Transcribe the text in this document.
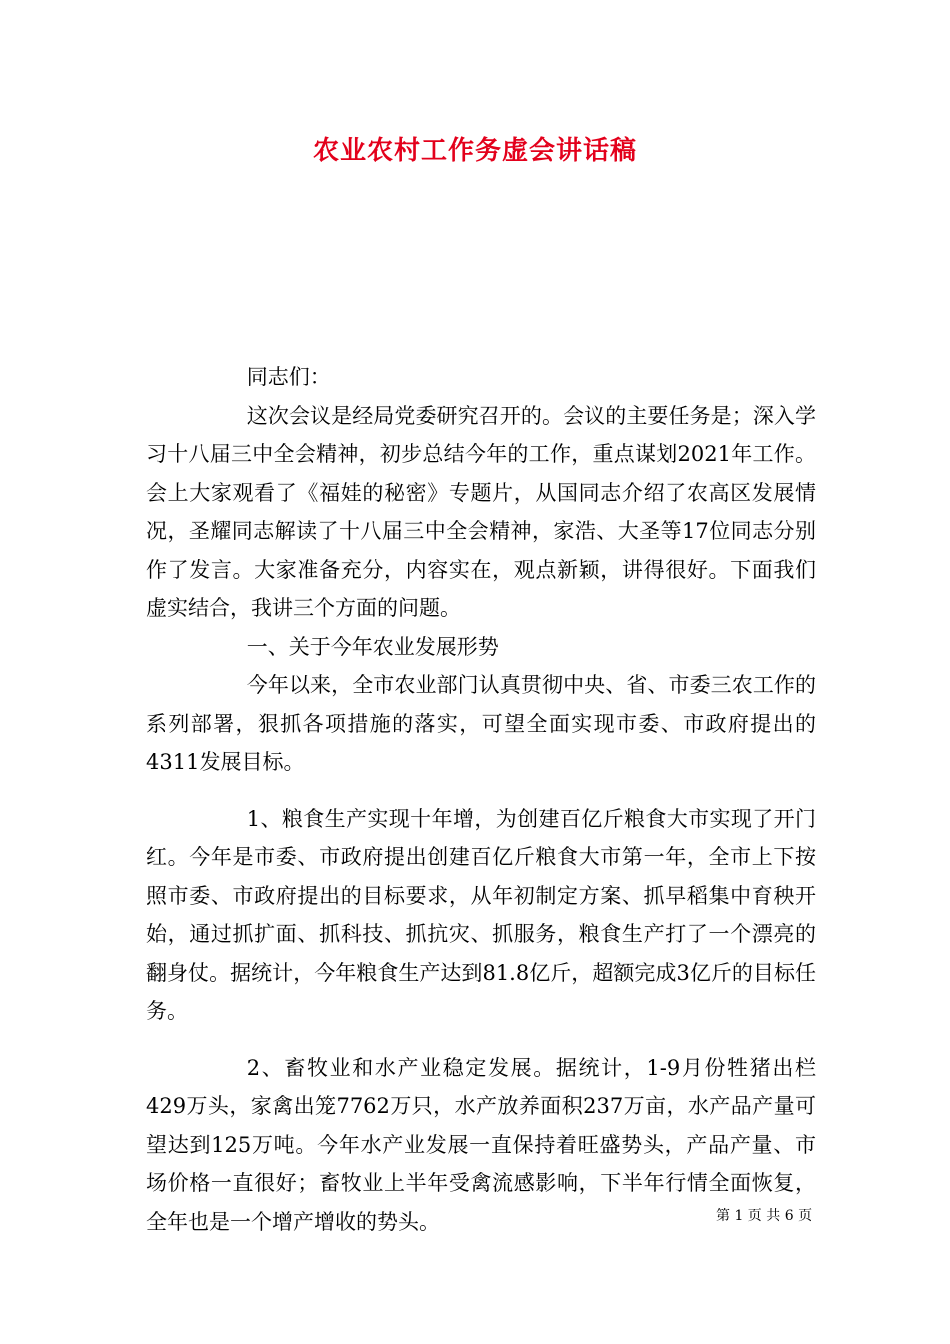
农业农村工作务虚会讲话稿

同志们：

这次会议是经局党委研究召开的。会议的主要任务是；深入学习十八届三中全会精神，初步总结今年的工作，重点谋划2021年工作。会上大家观看了《福娃的秘密》专题片，从国同志介绍了农高区发展情况，圣耀同志解读了十八届三中全会精神，家浩、大圣等17位同志分别作了发言。大家准备充分，内容实在，观点新颖，讲得很好。下面我们虚实结合，我讲三个方面的问题。

一、关于今年农业发展形势

今年以来，全市农业部门认真贯彻中央、省、市委三农工作的系列部署，狠抓各项措施的落实，可望全面实现市委、市政府提出的4311发展目标。

1、粮食生产实现十年增，为创建百亿斤粮食大市实现了开门红。今年是市委、市政府提出创建百亿斤粮食大市第一年，全市上下按照市委、市政府提出的目标要求，从年初制定方案、抓早稻集中育秧开始，通过抓扩面、抓科技、抓抗灾、抓服务，粮食生产打了一个漂亮的翻身仗。据统计，今年粮食生产达到81.8亿斤，超额完成3亿斤的目标任务。

2、畜牧业和水产业稳定发展。据统计，1-9月份牲猪出栏429万头，家禽出笼7762万只，水产放养面积237万亩，水产品产量可望达到125万吨。今年水产业发展一直保持着旺盛势头，产品产量、市场价格一直很好；畜牧业上半年受禽流感影响，下半年行情全面恢复，全年也是一个增产增收的势头。	第 1 页 共 6 页
